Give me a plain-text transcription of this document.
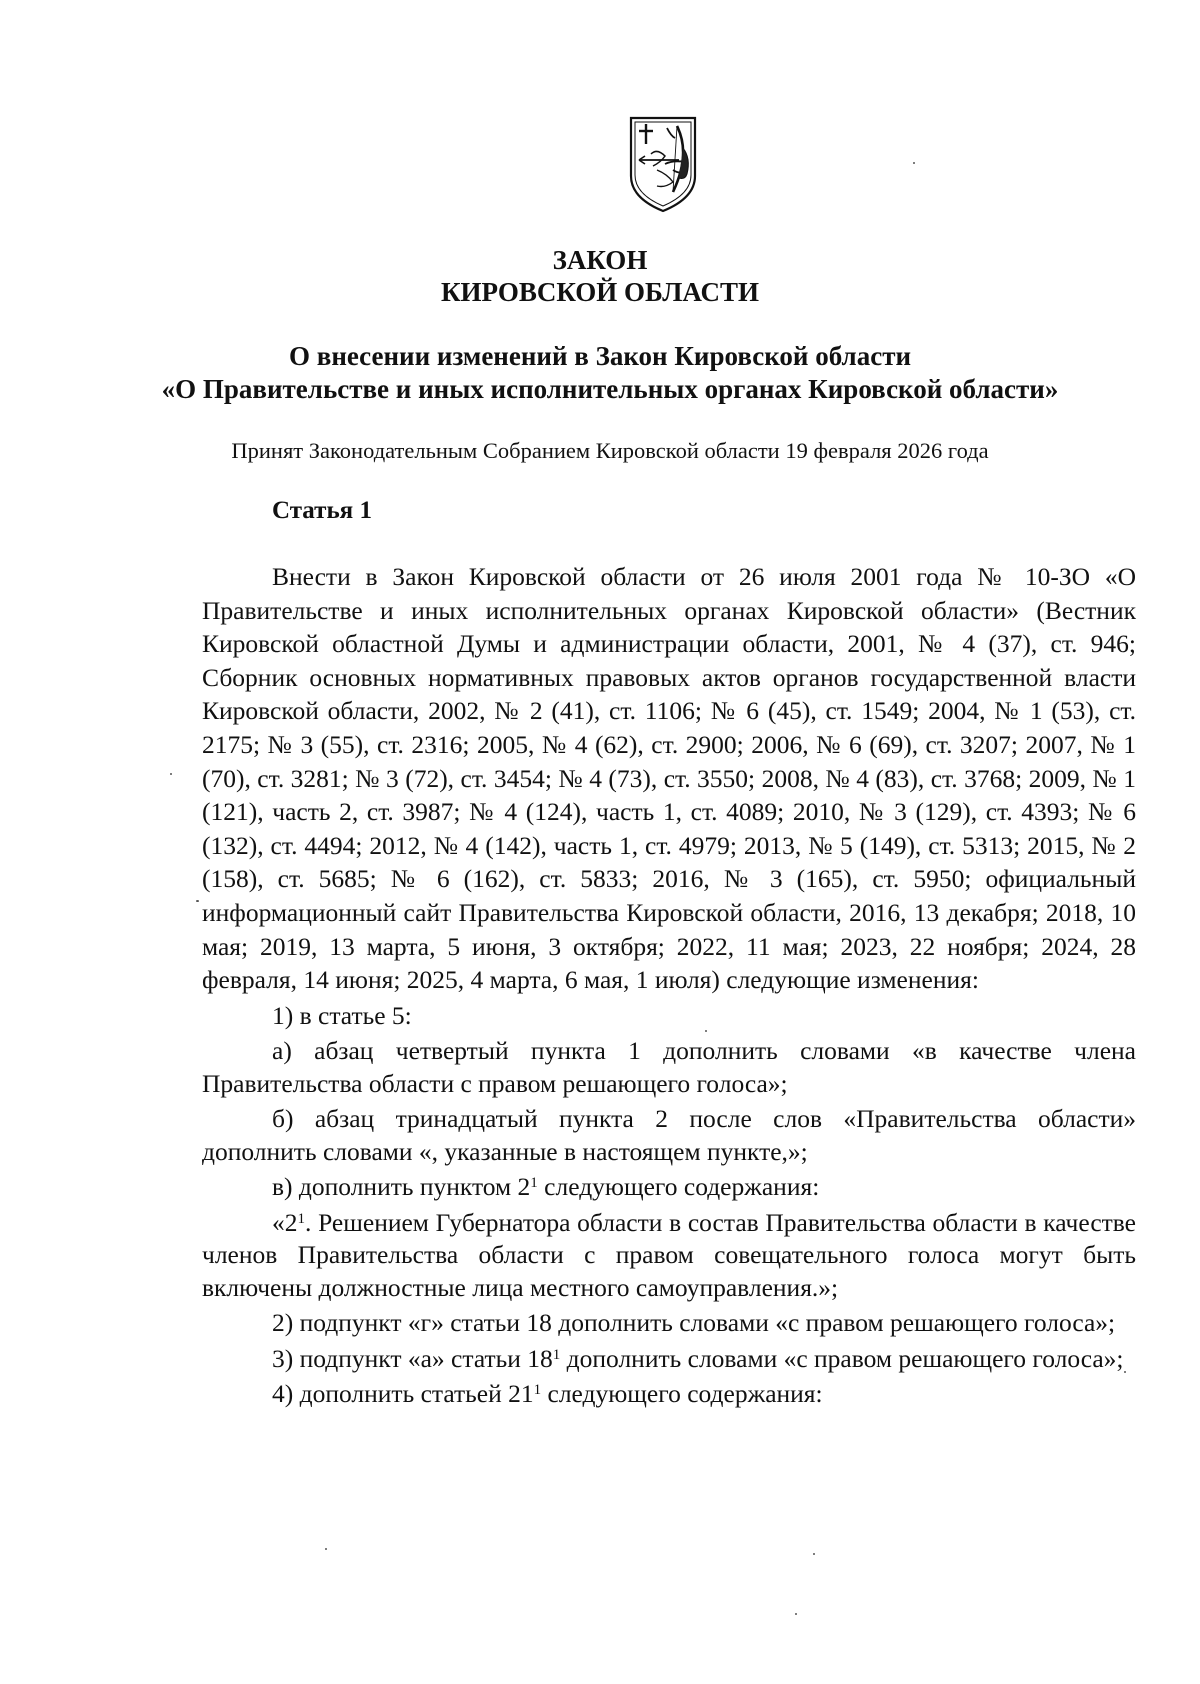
ЗАКОН
КИРОВСКОЙ ОБЛАСТИ
О внесении изменений в Закон Кировской области
«О Правительстве и иных исполнительных органах Кировской области»
Принят Законодательным Собранием Кировской области 19 февраля 2026 года
Статья 1

Внести в Закон Кировской области от 26 июля 2001 года № 10-ЗО «О Правительстве и иных исполнительных органах Кировской области» (Вестник Кировской областной Думы и администрации области, 2001, № 4 (37), ст. 946; Сборник основных нормативных правовых актов органов государственной власти Кировской области, 2002, № 2 (41), ст. 1106; № 6 (45), ст. 1549; 2004, № 1 (53), ст. 2175; № 3 (55), ст. 2316; 2005, № 4 (62), ст. 2900; 2006, № 6 (69), ст. 3207; 2007, № 1 (70), ст. 3281; № 3 (72), ст. 3454; № 4 (73), ст. 3550; 2008, № 4 (83), ст. 3768; 2009, № 1 (121), часть 2, ст. 3987; № 4 (124), часть 1, ст. 4089; 2010, № 3 (129), ст. 4393; № 6 (132), ст. 4494; 2012, № 4 (142), часть 1, ст. 4979; 2013, № 5 (149), ст. 5313; 2015, № 2 (158), ст. 5685; № 6 (162), ст. 5833; 2016, № 3 (165), ст. 5950; официальный информационный сайт Правительства Кировской области, 2016, 13 декабря; 2018, 10 мая; 2019, 13 марта, 5 июня, 3 октября; 2022, 11 мая; 2023, 22 ноября; 2024, 28 февраля, 14 июня; 2025, 4 марта, 6 мая, 1 июля) следующие изменения:

1) в статье 5:

а) абзац четвертый пункта 1 дополнить словами «в качестве члена Правительства области с правом решающего голоса»;

б) абзац тринадцатый пункта 2 после слов «Правительства области» дополнить словами «, указанные в настоящем пункте,»;

в) дополнить пунктом $2^1$ следующего содержания:

«$2^1$. Решением Губернатора области в состав Правительства области в качестве членов Правительства области с правом совещательного голоса могут быть включены должностные лица местного самоуправления.»;

2) подпункт «г» статьи 18 дополнить словами «с правом решающего голоса»;

3) подпункт «а» статьи $18^1$ дополнить словами «с правом решающего голоса»;

4) дополнить статьей $21^1$ следующего содержания:
